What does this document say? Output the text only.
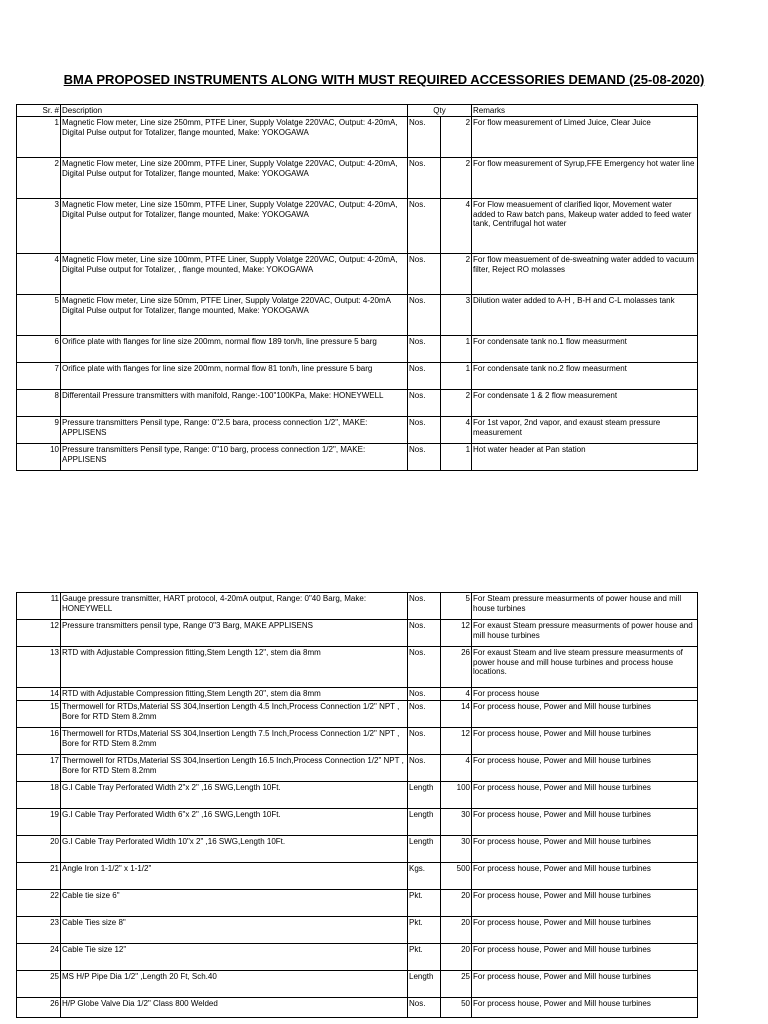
BMA PROPOSED INSTRUMENTS ALONG WITH MUST REQUIRED ACCESSORIES DEMAND (25-08-2020)
Sr. #	Description	Qty		Remarks
1	Magnetic Flow meter, Line size 250mm, PTFE Liner, Supply Volatge 220VAC, Output: 4-20mA, Digital Pulse output for Totalizer, flange mounted, Make: YOKOGAWA	Nos.	2	For flow measurement of Limed Juice, Clear Juice
2	Magnetic Flow meter, Line size 200mm, PTFE Liner, Supply Volatge 220VAC, Output: 4-20mA, Digital Pulse output for Totalizer, flange mounted, Make: YOKOGAWA	Nos.	2	For flow measurement of Syrup,FFE Emergency hot water line
3	Magnetic Flow meter, Line size 150mm, PTFE Liner, Supply Volatge 220VAC, Output: 4-20mA, Digital Pulse output for Totalizer, flange mounted, Make: YOKOGAWA	Nos.	4	For Flow measuement of clarified liqor, Movement water added to Raw batch pans, Makeup water added to feed water tank, Centrifugal hot water
4	Magnetic Flow meter, Line size 100mm, PTFE Liner, Supply Volatge 220VAC, Output: 4-20mA, Digital Pulse output for Totalizer, , flange mounted, Make: YOKOGAWA	Nos.	2	For flow measuement of de-sweatning water added to vacuum filter, Reject RO molasses
5	Magnetic Flow meter, Line size 50mm, PTFE Liner, Supply Volatge 220VAC, Output: 4-20mA Digital Pulse output for Totalizer, flange mounted, Make: YOKOGAWA	Nos.	3	Dilution water added to A-H , B-H and C-L molasses tank
6	Orifice plate with flanges for line size 200mm, normal flow 189 ton/h, line pressure 5 barg	Nos.	1	For condensate tank no.1 flow measurment
7	Orifice plate with flanges for line size 200mm, normal flow 81 ton/h, line pressure 5 barg	Nos.	1	For condensate tank no.2 flow measurment
8	Differentail Pressure transmitters with manifold, Range:-100"100KPa, Make: HONEYWELL	Nos.	2	For condensate 1 & 2 flow measurement
9	Pressure transmitters Pensil type, Range: 0"2.5 bara, process connection 1/2", MAKE: APPLISENS	Nos.	4	For 1st vapor, 2nd vapor, and exaust steam pressure measurement
10	Pressure transmitters Pensil type, Range: 0"10 barg, process connection 1/2", MAKE: APPLISENS	Nos.	1	Hot water header at Pan station
11	Gauge pressure transmitter, HART protocol, 4-20mA output, Range: 0"40 Barg, Make: HONEYWELL	Nos.	5	For Steam pressure measurments of power house and mill house turbines
12	Pressure transmitters pensil type, Range 0"3 Barg, MAKE APPLISENS	Nos.	12	For exaust Steam pressure measurments of power house and mill house turbines
13	RTD with Adjustable Compression fitting,Stem Length 12", stem dia 8mm	Nos.	26	For exaust Steam and live steam pressure measurments of power house and mill house turbines and process house locations.
14	RTD with Adjustable Compression fitting,Stem Length 20", stem dia 8mm	Nos.	4	For process house
15	Thermowell for RTDs,Material SS 304,Insertion Length 4.5 Inch,Process Connection 1/2" NPT , Bore for RTD Stem 8.2mm	Nos.	14	For process house, Power and Mill house turbines
16	Thermowell for RTDs,Material SS 304,Insertion Length 7.5 Inch,Process Connection 1/2" NPT , Bore for RTD Stem 8.2mm	Nos.	12	For process house, Power and Mill house turbines
17	Thermowell for RTDs,Material SS 304,Insertion Length 16.5 Inch,Process Connection 1/2" NPT , Bore for RTD Stem 8.2mm	Nos.	4	For process house, Power and Mill house turbines
18	G.I Cable Tray Perforated Width 2"x 2" ,16 SWG,Length 10Ft.	Length	100	For process house, Power and Mill house turbines
19	G.I Cable Tray Perforated Width 6"x 2" ,16 SWG,Length 10Ft.	Length	30	For process house, Power and Mill house turbines
20	G.I Cable Tray Perforated Width 10"x 2" ,16 SWG,Length 10Ft.	Length	30	For process house, Power and Mill house turbines
21	Angle Iron 1-1/2" x 1-1/2"	Kgs.	500	For process house, Power and Mill house turbines
22	Cable tie size 6"	Pkt.	20	For process house, Power and Mill house turbines
23	Cable Ties size 8"	Pkt.	20	For process house, Power and Mill house turbines
24	Cable Tie size 12"	Pkt.	20	For process house, Power and Mill house turbines
25	MS H/P Pipe Dia 1/2" ,Length 20 Ft, Sch.40	Length	25	For process house, Power and Mill house turbines
26	H/P Globe Valve Dia 1/2" Class 800 Welded	Nos.	50	For process house, Power and Mill house turbines
